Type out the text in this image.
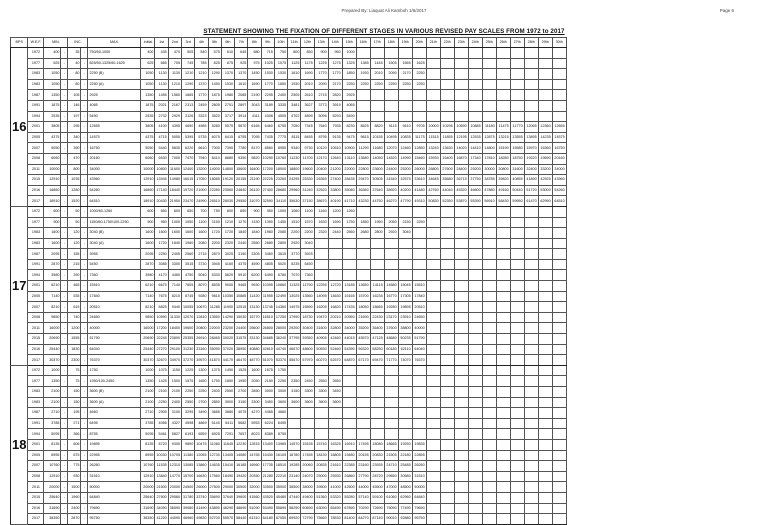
Prepared By: Liaquat Ali Kamboh 1/6/2017	Page 6
STATEMENT SHOWING THE FIXATION OF DIFFERENT STAGES IN VARIOUS REVISED PAY SCALES FROM 1972 to 2017
BPS	W.E.F.	MIN.		INC.		MAX.	Initial	1st	2nd	3rd	4th	5th	6th	7th	8th	9th	10th	11th	12th	13th	14th	15th	16th	17th	18th	19th	20th	21th	22th	23th	24th	25th	26th	27th	28th	29th	30th
16	1972	400	-	35	-	750/50-1000	400	435	470	505	540	575	610	645	680	715	750	800	850	900	950	1000															
	1977	625	-	40	-	825/50-1325/60-1625	625	665	705	745	785	825	875	925	975	1025	1075	1125	1175	1225	1275	1325	1385	1445	1505	1565	1625										
	1983	1050	-	80	-	2250 (B)	1050	1130	1130	1210	1210	1290	1370	1370	1450	1530	1530	1610	1690	1770	1770	1850	1930	2010	2090	2170	2250										
	1983	1050	-	80	-	2250 (A)	1050	1130	1210	1290	1370	1450	1530	1610	1690	1770	1850	1930	2010	2090	2170	2250	2250	2250	2250	2250	2250										
	1987	1350	-	105	-	2925	1350	1455	1560	1665	1770	1875	1980	2085	2190	2295	2400	2505	2610	2715	2820	2925															
	1991	1875	-	146	-	4065	1875	2021	2167	2313	2459	2605	2751	2897	3043	3189	3335	3481	3627	3773	3919	4065															
	1994	2535	-	197	-	5490	2535	2732	2929	3126	3323	3520	3717	3914	4111	4308	4505	4702	4899	5096	5293	5490															
	2001	3805	-	295	-	12655	3805	4100	4395	4690	4985	5280	5575	5870	6165	6460	6755	7050	7345	7640	7935	8230	8525	8820	9115	9410	9705	10000	10295	10590	10885	11180	11475	11770	12065	12360	12655
	2005	4375	-	340	-	14575	4375	4715	5055	5395	5735	6075	6415	6755	7095	7435	7775	8115	8455	8795	9135	9475	9815	10155	10495	10835	11175	11515	11855	12195	12535	12875	13215	13555	13895	14235	14575
	2007	5050	-	390	-	16750	5050	5440	5830	6220	6610	7000	7390	7780	8170	8560	8950	9340	9730	10120	10510	10900	11290	11680	12070	12460	12850	13240	13630	14020	14410	14800	15190	15580	15970	16360	16750
	2008	6060	-	470	-	20160	6060	6530	7000	7470	7940	8410	8880	9350	9820	10290	10760	11230	11700	12170	12640	13110	13580	14050	14520	14990	15460	15930	16400	16870	17340	17810	18280	18750	19220	19690	20160
	2011	10000	-	800	-	34000	10000	10800	11600	12400	13200	14000	14800	15600	16400	17200	18000	18800	19600	20400	21200	22000	22800	23600	24400	25200	26000	26800	27600	28400	29200	30000	30800	31600	32400	33200	34000
	2015	12910	-	1035	-	43960	12910	13945	14980	16015	17050	18085	19120	20155	21190	22225	23260	24295	25330	26365	27400	28435	29470	30505	31540	32575	33610	34645	35680	36715	37750	38785	39820	40855	41890	42925	43960
	2016	16860	-	1280	-	54260	16860	17140	18440	19720	21000	22280	23560	24840	26120	27400	28680	29960	31240	32520	33800	35080	36360	37640	38920	40200	41480	42760	44040	45320	46600	47880	49160	50440	51720	53000	54260
	2017	18910	-	1520	-	64510	18910	20430	21950	23470	24990	26510	28030	29550	31070	32590	34110	35630	37150	38670	40190	41710	43230	44750	46270	47790	49310	50830	52350	53870	55390	56910	58430	59950	61470	62990	64510
17	1972	600	-	50	-	1000/60-1260	600	650	600	650	700	750	800	850	900	950	1000	1060	1100	1160	1200	1260															
	1977	900	-	50	-	1150/60-1750/100-2250	900	950	1000	1050	1100	1150	1210	1270	1330	1390	1450	1510	1570	1630	1690	1750	1850	1950	2050	2150	2250										
	1983	1600	-	120	-	3040 (B)	1600	1600	1600	1600	1600	1720	1720	1840	1840	1960	2080	2200	2200	2320	2440	2560	2680	2800	2920	3040											
	1983	1600	-	120	-	3040 (A)	1600	1720	1840	1960	2080	2200	2320	2440	2560	2680	2800	2920	3040																		
	1987	2095	-	155	-	3955	2095	2250	2405	2560	2715	2870	3025	3150	3305	3460	3615	3770	3925																		
	1991	2870	-	215	-	5450	2870	3085	3300	3515	3730	3945	4160	4375	4590	4805	5020	5235	5450																		
	1994	3980	-	290	-	7360	3980	4170	4460	4750	5040	5330	5620	5910	6200	6490	6780	7070	7360																		
	2001	6210	-	465	-	15510	6210	6675	7140	7605	8070	8535	9000	9465	9930	10395	10860	11325	11790	12255	12720	13185	13650	14115	14580	15045	15510										
	2005	7140	-	535	-	17840	7140	7675	8210	8745	9280	9815	10350	10885	11420	11955	12490	13025	13560	14095	14630	15165	15700	16235	16770	17305	17840										
	2007	8210	-	615	-	20510	8210	8825	9440	10055	10670	11285	11900	12515	13130	13745	14360	14975	15590	16205	16820	17435	18050	18665	19280	19895	20510										
	2008	9850	-	740	-	24650	9850	10590	11330	12070	12810	13550	14290	15030	15770	16510	17250	17990	18730	19470	20210	20950	21690	22430	23170	23910	24650										
	2011	16000	-	1200	-	40000	16000	17200	18400	19600	20800	22000	23200	24400	25600	26800	28000	29200	30400	31600	32800	34000	35200	36400	37600	38800	40000										
	2015	20690	-	1555	-	51790	20690	22245	23800	25355	26910	28465	30020	31575	33130	34685	36240	37795	39350	40905	42460	44015	45570	47125	48680	50235	51790										
	2016	25440	-	1830	-	64040	25440	27270	29100	31230	33160	35090	37020	38950	40880	42810	44740	46670	48600	50530	52460	54390	56320	58250	60180	62110	64040										
	2017	30370	-	2300	-	76370	30370	32670	34970	37270	39570	41870	44170	46470	48770	51070	53370	55670	57970	60270	62570	64870	67170	69470	71770	74070	76370										
18	1972	1000	-	75	-	1750	1000	1075	1150	1225	1300	1375	1450	1525	1600	1675	1750																				
	1977	1350	-	75	-	1950/100-2450	1350	1425	1500	1575	1650	1750	1850	1950	2050	2150	2250	2350	2450	2550	2650																
	1983	2100	-	150	-	3600 (B)	2100	2100	2100	2250	2250	2400	2550	2700	2850	3000	3000	3150	3300	3300	3450																
	1983	2100	-	150	-	3600 (A)	2100	2250	2400	2550	2700	2850	3000	3150	3300	3450	3600	3600	3600	3600	3600																
	1987	2710	-	195	-	4660	2710	2905	3100	3295	3490	3685	3880	4075	4270	4465	4660																				
	1991	3785	-	271	-	6495	3785	4056	4327	4598	4869	5140	5411	5682	5953	6224	6495																				
	1994	5095	-	366	-	8755	5095	5461	5827	6193	6559	6925	7291	7657	8023	8389	8755																				
	2001	8135	-	606	-	19895	8135	8720	9305	9890	10475	11060	11645	12230	12815	13400	13985	14570	15155	15740	16325	16910	17495	18080	18665	19250	19835										
	2005	8955	-	675	-	22955	8955	10030	10705	11380	12055	12730	13405	14080	14755	15430	16105	16780	17455	18130	18805	19480	20155	20830	21505	22180	22855										
	2007	10760	-	775	-	26260	10760	11535	12310	13085	13860	14635	15410	16185	16960	17735	18510	19285	20060	20835	21610	22385	23160	23935	24710	25485	26260										
	2008	12910	-	930	-	31510	12910	13840	14770	15700	16630	17560	18490	19420	20350	21280	22210	23140	24070	25000	25930	26860	27790	28720	29650	30580	31510										
	2011	20000	-	1500	-	50000	20000	21500	23000	24500	26000	27500	29000	30500	32000	33500	35000	36500	38000	39500	41000	42500	44000	45500	47000	48500	50000										
	2015	25640	-	1960	-	64840	25640	27600	29560	31780	33740	35690	37640	39600	41560	43520	45480	47440	49400	51360	53320	55280	57140	59100	61060	62960	64840										
	2016	31690	-	2400	-	79690	31690	34090	36590	39080	41490	43890	46290	48690	51090	53490	55890	58290	60690	63090	65490	67890	70290	72690	75090	77490	79690										
	2017	38350	-	2870	-	95750	38350	41220	44090	46960	49830	52700	55570	58440	61310	64180	67050	69920	72790	75660	78530	81400	84270	87140	90010	92880	95750										
